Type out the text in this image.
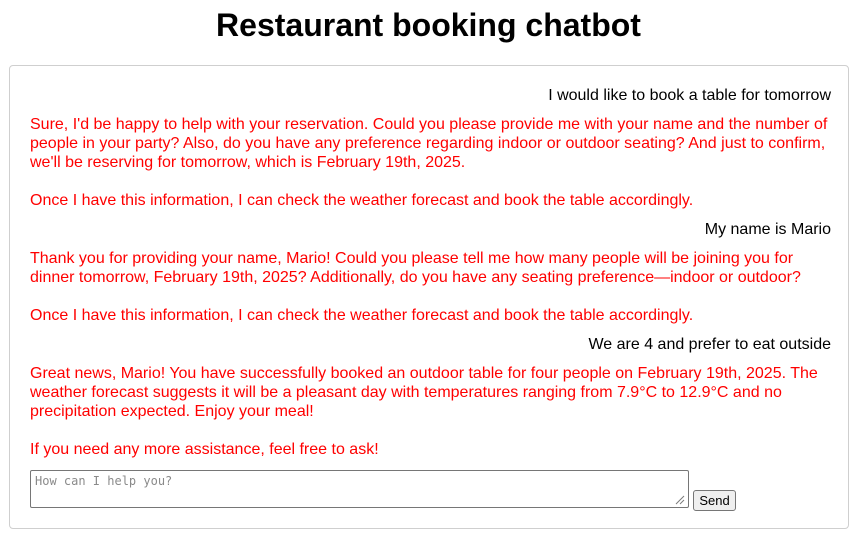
Restaurant booking chatbot
I would like to book a table for tomorrow

Sure, I'd be happy to help with your reservation. Could you please provide me with your name and the number of people in your party? Also, do you have any preference regarding indoor or outdoor seating? And just to confirm, we'll be reserving for tomorrow, which is February 19th, 2025.

Once I have this information, I can check the weather forecast and book the table accordingly.

My name is Mario

Thank you for providing your name, Mario! Could you please tell me how many people will be joining you for dinner tomorrow, February 19th, 2025? Additionally, do you have any seating preference—indoor or outdoor?

Once I have this information, I can check the weather forecast and book the table accordingly.

We are 4 and prefer to eat outside

Great news, Mario! You have successfully booked an outdoor table for four people on February 19th, 2025. The weather forecast suggests it will be a pleasant day with temperatures ranging from 7.9°C to 12.9°C and no precipitation expected. Enjoy your meal!

If you need any more assistance, feel free to ask!

How can I help you?
Send
